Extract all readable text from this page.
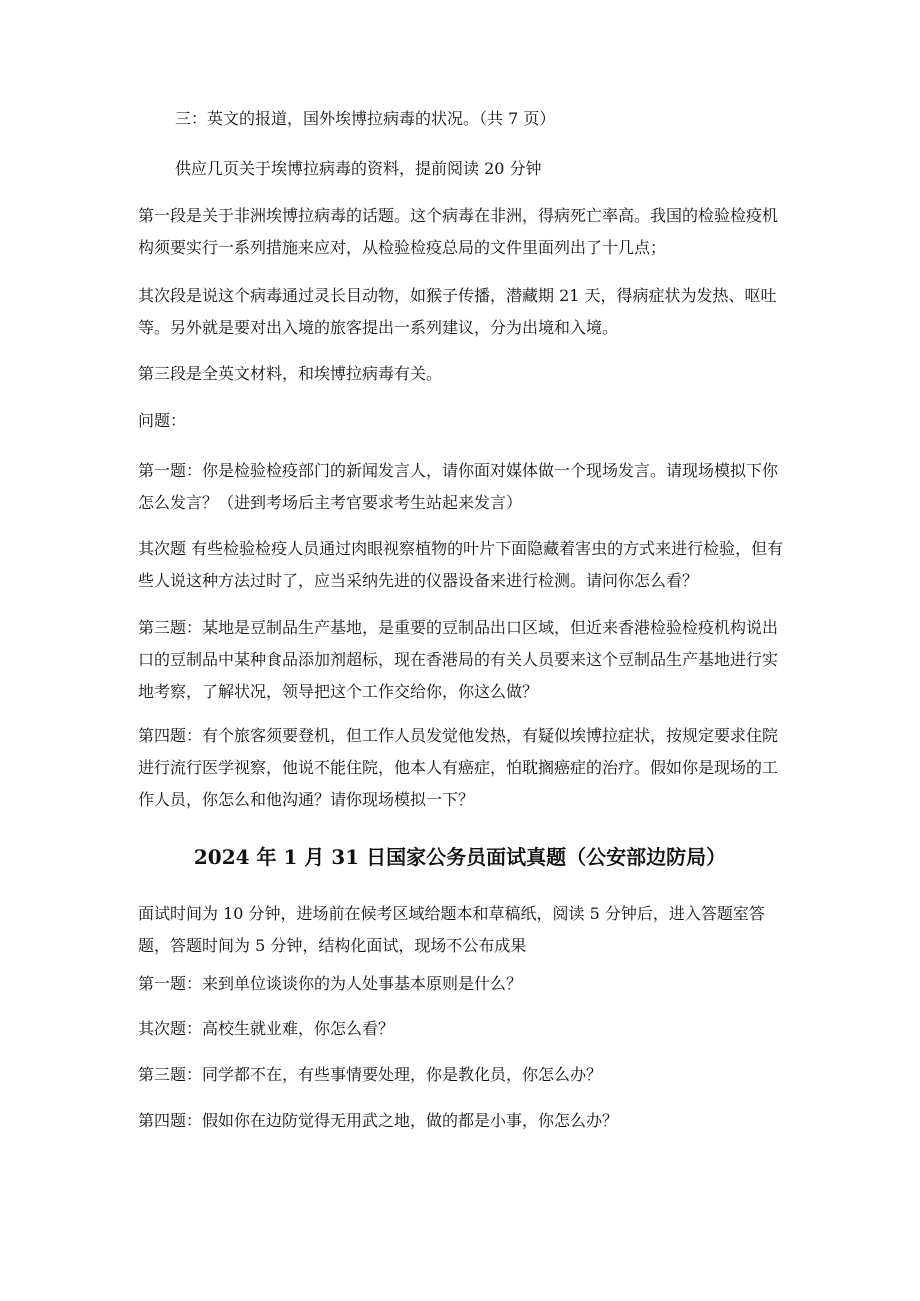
三：英文的报道，国外埃博拉病毒的状况。（共 7 页）

供应几页关于埃博拉病毒的资料，提前阅读 20 分钟

第一段是关于非洲埃博拉病毒的话题。这个病毒在非洲，得病死亡率高。我国的检验检疫机构须要实行一系列措施来应对，从检验检疫总局的文件里面列出了十几点；

其次段是说这个病毒通过灵长目动物，如猴子传播，潜藏期 21 天，得病症状为发热、呕吐等。另外就是要对出入境的旅客提出一系列建议，分为出境和入境。

第三段是全英文材料，和埃博拉病毒有关。

问题：

第一题：你是检验检疫部门的新闻发言人，请你面对媒体做一个现场发言。请现场模拟下你怎么发言？（进到考场后主考官要求考生站起来发言）

其次题 有些检验检疫人员通过肉眼视察植物的叶片下面隐藏着害虫的方式来进行检验，但有些人说这种方法过时了，应当采纳先进的仪器设备来进行检测。请问你怎么看？

第三题：某地是豆制品生产基地，是重要的豆制品出口区域，但近来香港检验检疫机构说出口的豆制品中某种食品添加剂超标，现在香港局的有关人员要来这个豆制品生产基地进行实地考察，了解状况，领导把这个工作交给你，你这么做？

第四题：有个旅客须要登机，但工作人员发觉他发热，有疑似埃博拉症状，按规定要求住院进行流行医学视察，他说不能住院，他本人有癌症，怕耽搁癌症的治疗。假如你是现场的工作人员，你怎么和他沟通？请你现场模拟一下？

2024 年 1 月 31 日国家公务员面试真题（公安部边防局）

面试时间为 10 分钟，进场前在候考区域给题本和草稿纸，阅读 5 分钟后，进入答题室答题，答题时间为 5 分钟，结构化面试，现场不公布成果

第一题：来到单位谈谈你的为人处事基本原则是什么？

其次题：高校生就业难，你怎么看？

第三题：同学都不在，有些事情要处理，你是教化员，你怎么办？

第四题：假如你在边防觉得无用武之地，做的都是小事，你怎么办？
